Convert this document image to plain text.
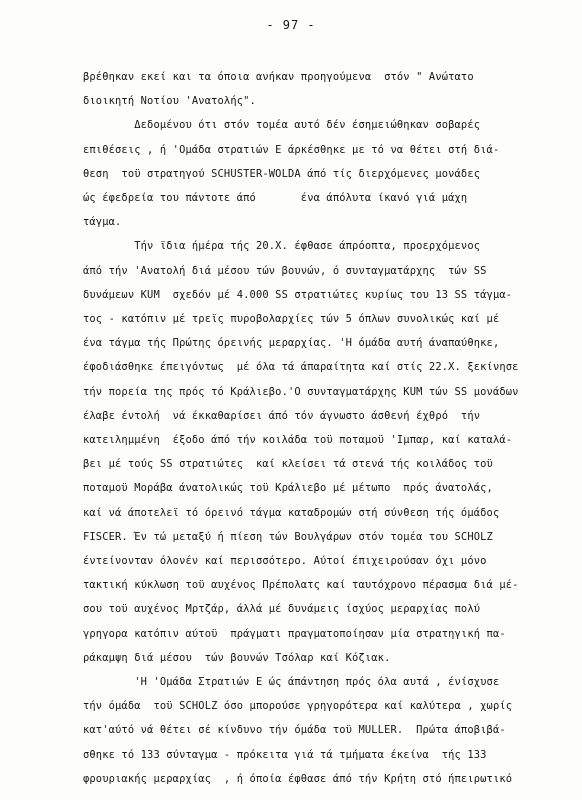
- 97 -
βρέθηκαν εκεί και τα όποια ανήκαν προηγούμενα  στόν " Ανώτατο
διοικητή Νοτίου 'Ανατολής".
Δεδομένου ότι στόν τομέα αυτό δέν έσημειώθηκαν σοβαρές
επιθέσεις , ή 'Ομάδα στρατιών Ε άρκέσθηκε με τό να θέτει στή διά-
θεση  τοϋ στρατηγού SCHUSTER-WOLDA άπό τίς διερχόμενες μονάδες
ώς έφεδρεία του πάντοτε άπό       ένα άπόλυτα ίκανό γιά μάχη
τάγμα.
Τήν ϊδια ήμέρα τής 20.X. έφθασε άπρόοπτα, προερχόμενος
άπό τήν 'Ανατολή διά μέσου τών βουνών, ό συνταγματάρχης  τών SS
δυνάμεων KUM  σχεδόν μέ 4.000 SS στρατιώτες κυρίως του 13 SS τάγμα-
τος - κατόπιν μέ τρεϊς πυροβολαρχίες τών 5 όπλων συνολικώς καί μέ
ένα τάγμα τής Πρώτης όρεινής μεραρχίας. 'Η όμάδα αυτή άναπαύθηκε,
έφοδιάσθηκε έπειγόντως  μέ όλα τά άπαραίτητα καί στίς 22.X. ξεκίνησε
τήν πορεία της πρός τό Κράλιεβο.'Ο συνταγματάρχης KUM τών SS μονάδων
έλαβε έντολή  νά έκκαθαρίσει άπό τόν άγνωστο άσθενή έχθρό  τήν
κατειλημμένη  έξοδο άπό τήν κοιλάδα τοϋ ποταμοϋ 'Ιμπαρ, καί καταλά-
βει μέ τούς SS στρατιώτες  καί κλείσει τά στενά τής κοιλάδος τοϋ
ποταμοϋ Μοράβα άνατολικώς τοϋ Κράλιεβο μέ μέτωπο  πρός άνατολάς,
καί νά άποτελεϊ τό όρεινό τάγμα καταδρομών στή σύνθεση τής όμάδος
FISCER. Έν τώ μεταξύ ή πίεση τών Βουλγάρων στόν τομέα του SCHOLZ
έντείνονταν όλονέν καί περισσότερο. Αύτοί έπιχειρούσαν όχι μόνο
τακτική κύκλωση τοϋ αυχένος Πρέπολατς καί ταυτόχρονο πέρασμα διά μέ-
σου τοϋ αυχένος Μρτζάρ, άλλά μέ δυνάμεις ίσχύος μεραρχίας πολύ
γρηγορα κατόπιν αύτοϋ  πράγματι πραγματοποίησαν μία στρατηγική πα-
ράκαμψη διά μέσου  τών βουνών Τσόλαρ καί Κόζιακ.
'Η 'Ομάδα Στρατιών Ε ώς άπάντηση πρός όλα αυτά , ένίσχυσε
τήν όμάδα  τοϋ SCHOLZ όσο μπορούσε γρηγορότερα καί καλύτερα , χωρίς
κατ'αύτό νά θέτει σέ κίνδυνο τήν όμάδα τοϋ MULLER.  Πρώτα άποβιβά-
σθηκε τό 133 σύνταγμα - πρόκειτα γιά τά τμήματα έκείνα  τής 133
φρουριακής μεραρχίας  , ή όποία έφθασε άπό τήν Κρήτη στό ήπειρωτικό
